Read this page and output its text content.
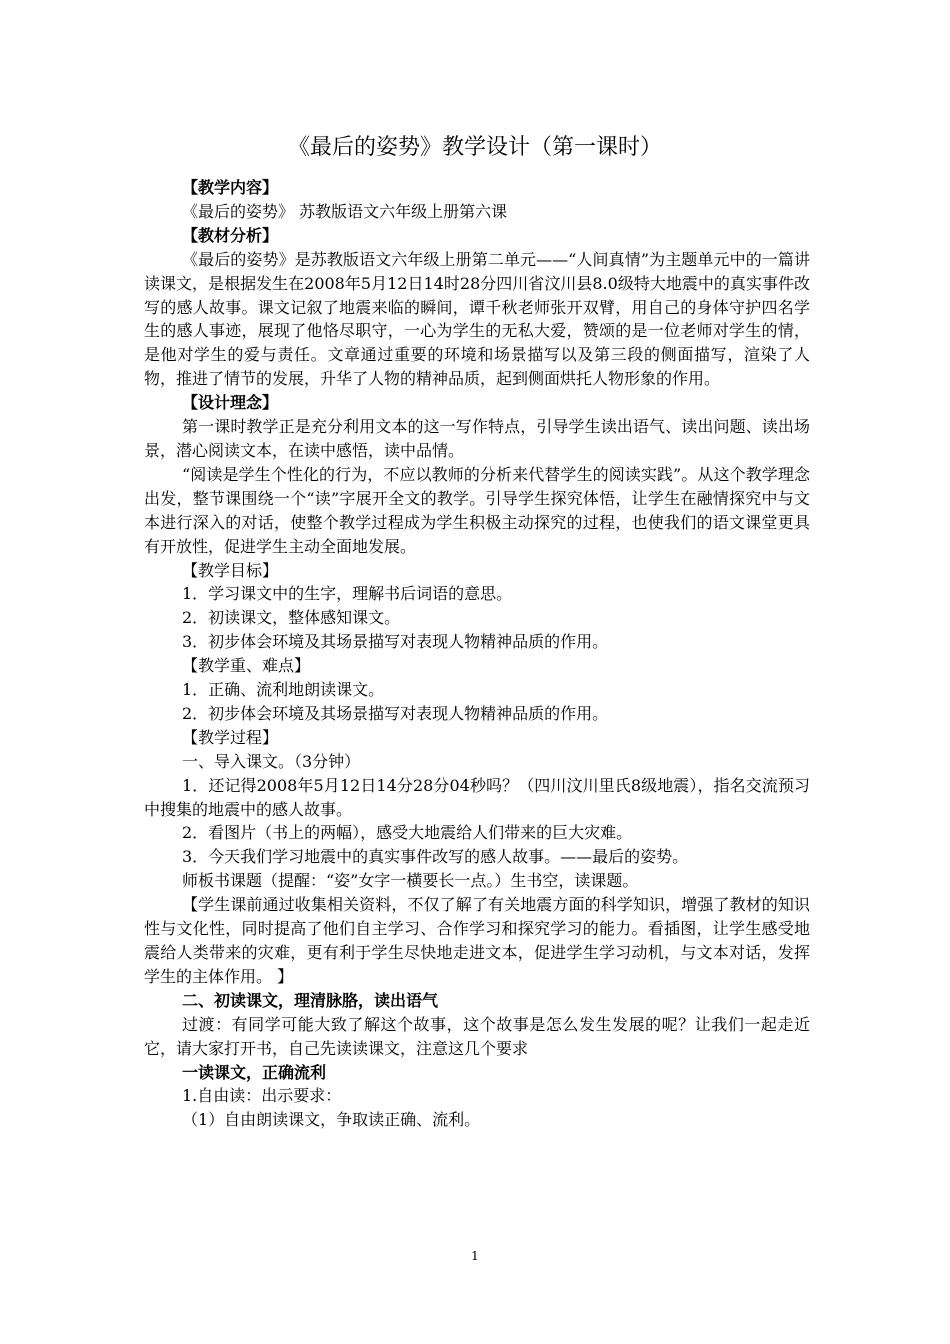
《最后的姿势》教学设计（第一课时）

【教学内容】

《最后的姿势》 苏教版语文六年级上册第六课

【教材分析】

《最后的姿势》是苏教版语文六年级上册第二单元——“人间真情”为主题单元中的一篇讲读课文，是根据发生在2008年5月12日14时28分四川省汶川县8.0级特大地震中的真实事件改写的感人故事。课文记叙了地震来临的瞬间，谭千秋老师张开双臂，用自己的身体守护四名学生的感人事迹，展现了他恪尽职守，一心为学生的无私大爱，赞颂的是一位老师对学生的情，是他对学生的爱与责任。文章通过重要的环境和场景描写以及第三段的侧面描写，渲染了人物，推进了情节的发展，升华了人物的精神品质，起到侧面烘托人物形象的作用。

【设计理念】

第一课时教学正是充分利用文本的这一写作特点，引导学生读出语气、读出问题、读出场景，潜心阅读文本，在读中感悟，读中品情。

“阅读是学生个性化的行为，不应以教师的分析来代替学生的阅读实践”。从这个教学理念出发，整节课围绕一个“读”字展开全文的教学。引导学生探究体悟，让学生在融情探究中与文本进行深入的对话，使整个教学过程成为学生积极主动探究的过程，也使我们的语文课堂更具有开放性，促进学生主动全面地发展。

【教学目标】

1．学习课文中的生字，理解书后词语的意思。

2．初读课文，整体感知课文。

3．初步体会环境及其场景描写对表现人物精神品质的作用。

【教学重、难点】

1．正确、流利地朗读课文。

2．初步体会环境及其场景描写对表现人物精神品质的作用。

【教学过程】

一、导入课文。（3分钟）

1．还记得2008年5月12日14分28分04秒吗？（四川汶川里氏8级地震），指名交流预习中搜集的地震中的感人故事。

2．看图片（书上的两幅），感受大地震给人们带来的巨大灾难。

3．今天我们学习地震中的真实事件改写的感人故事。——最后的姿势。

师板书课题（提醒：“姿”女字一横要长一点。）生书空，读课题。

【学生课前通过收集相关资料，不仅了解了有关地震方面的科学知识，增强了教材的知识性与文化性，同时提高了他们自主学习、合作学习和探究学习的能力。看插图，让学生感受地震给人类带来的灾难，更有利于学生尽快地走进文本，促进学生学习动机，与文本对话，发挥学生的主体作用。 】

二、初读课文，理清脉胳，读出语气

过渡：有同学可能大致了解这个故事，这个故事是怎么发生发展的呢？让我们一起走近它，请大家打开书，自己先读读课文，注意这几个要求

一读课文，正确流利

1.自由读：出示要求：

（1）自由朗读课文，争取读正确、流利。

1
